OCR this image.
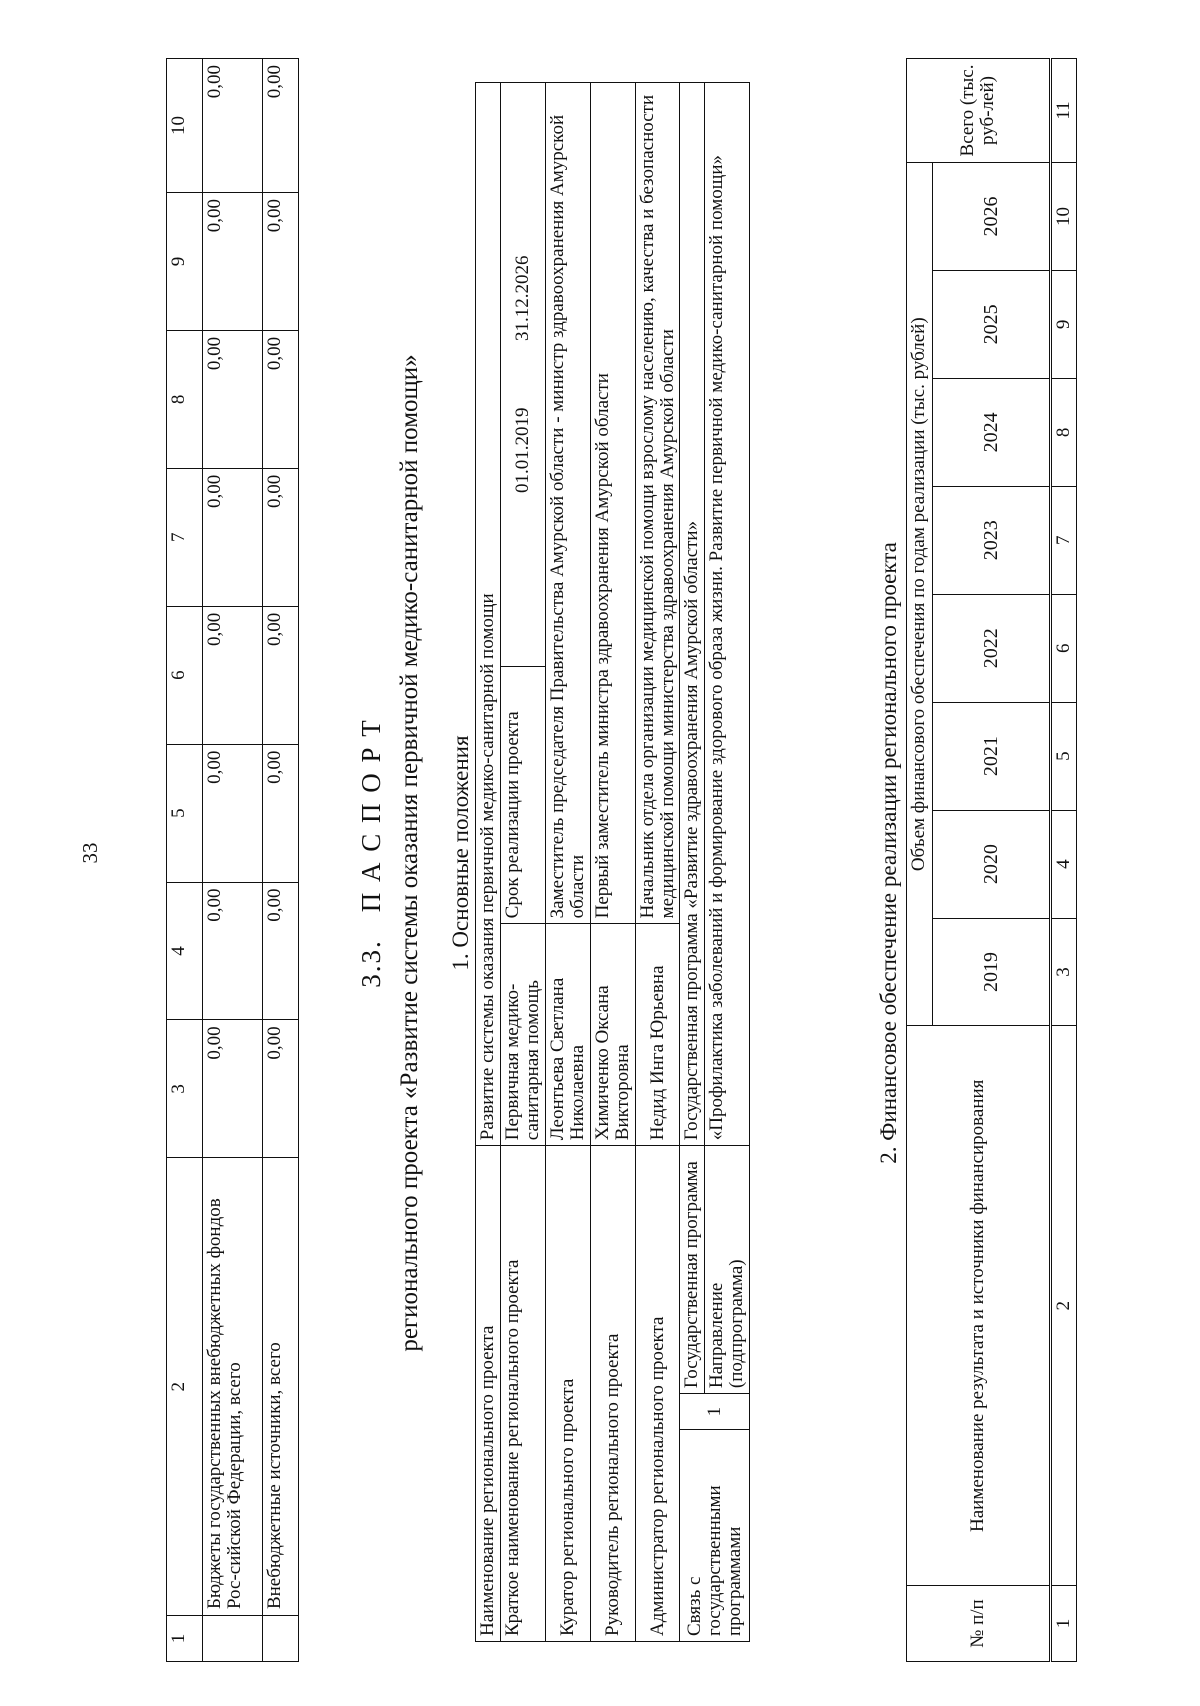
33
1	2	3	4	5	6	7	8	9	10
	Бюджеты государственных внебюджетных фондов Рос-сийской Федерации, всего	0,00	0,00	0,00	0,00	0,00	0,00	0,00	0,00
	Внебюджетные источники, всего	0,00	0,00	0,00	0,00	0,00	0,00	0,00	0,00
3.3.    П А С П О Р Т регионального проекта «Развитие системы оказания первичной медико-санитарной помощи» 1. Основные положения
Наименование регионального проекта			Развитие системы оказания первичной медико-санитарной помощи		
Краткое наименование регионального проекта			Первичная медико-санитарная помощь	Срок реализации проекта	01.01.2019              31.12.2026
Куратор регионального проекта			Леонтьева Светлана Николаевна	Заместитель председателя Правительства Амурской области - министр здравоохранения Амурской области	
Руководитель регионального проекта			Химиченко Оксана Викторовна	Первый заместитель министра здравоохранения Амурской области	
Администратор регионального проекта			Недид Инга Юрьевна	Начальник отдела организации медицинской помощи взрослому населению, качества и безопасности медицинской помощи министерства здравоохранения Амурской области	
Связь с государственными программами	1	Государственная программа	Государственная программа «Развитие здравоохранения Амурской области»		
		Направление (подпрограмма)	«Профилактика заболеваний и формирование здорового образа жизни. Развитие первичной медико-санитарной помощи»			2. Финансовое обеспечение реализации регионального проекта
№ п/п	Наименование результата и источники финансирования	Объем финансового обеспечения по годам реализации (тыс. рублей)								Всего (тыс. руб-лей)
		2019	2020	2021	2022	2023	2024	2025	2026	
1	2	3	4	5	6	7	8	9	10	11
